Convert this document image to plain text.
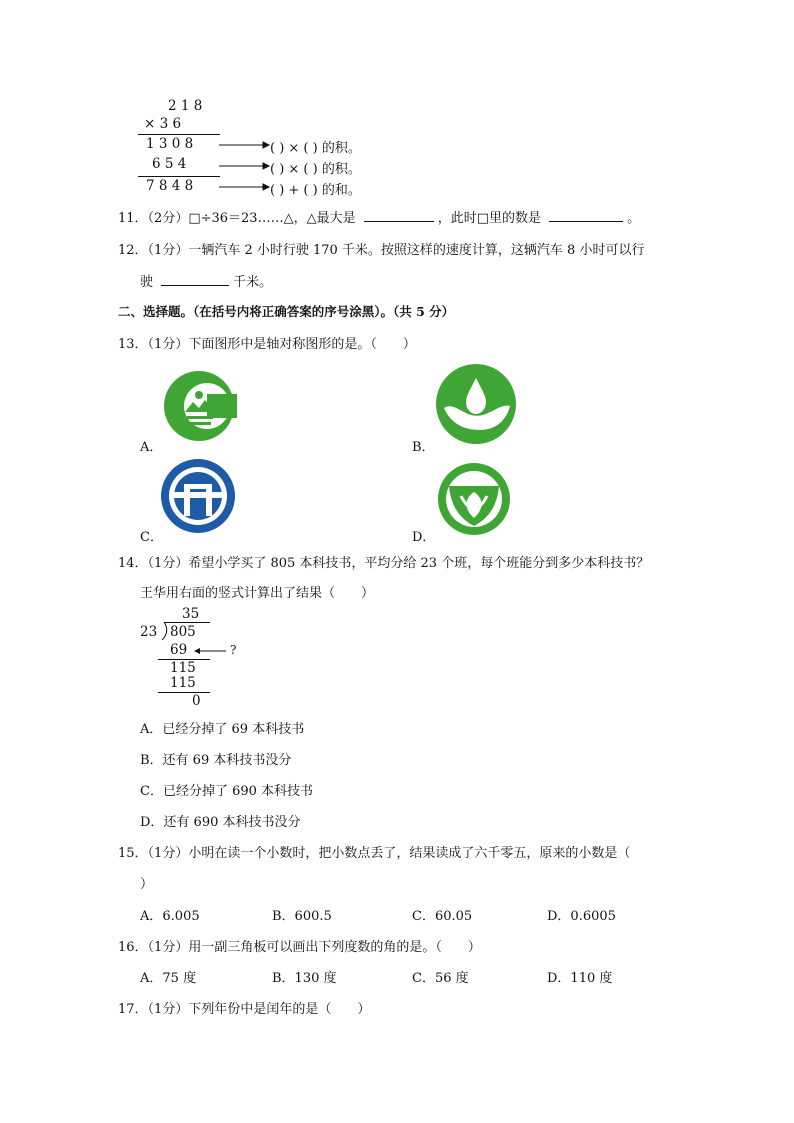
2 1 8
× 3 6
1 3 0 8
6 5 4
7 8 4 8
( ) × ( ) 的积。
( ) × ( ) 的积。
( ) + ( ) 的和。
11．（2分）□÷36＝23……△，△最大是	，此时□里的数是	。
12．（1分）一辆汽车 2 小时行驶 170 千米。按照这样的速度计算，这辆汽车 8 小时可以行
驶	千米。
二、选择题。（在括号内将正确答案的序号涂黑）。（共 5 分）
13．（1分）下面图形中是轴对称图形的是。（　　）
A．	B．
C．	D．
14．（1分）希望小学买了 805 本科技书，平均分给 23 个班，每个班能分到多少本科技书？
王华用右面的竖式计算出了结果（　　）
35
23 805
69	?
115
115
0
A．已经分掉了 69 本科技书
B．还有 69 本科技书没分
C．已经分掉了 690 本科技书
D．还有 690 本科技书没分
15．（1分）小明在读一个小数时，把小数点丢了，结果读成了六千零五，原来的小数是（
）
A．6.005	B．600.5	C．60.05	D．0.6005
16．（1分）用一副三角板可以画出下列度数的角的是。（　　）
A．75 度	B．130 度	C．56 度	D．110 度
17．（1分）下列年份中是闰年的是（　　）
